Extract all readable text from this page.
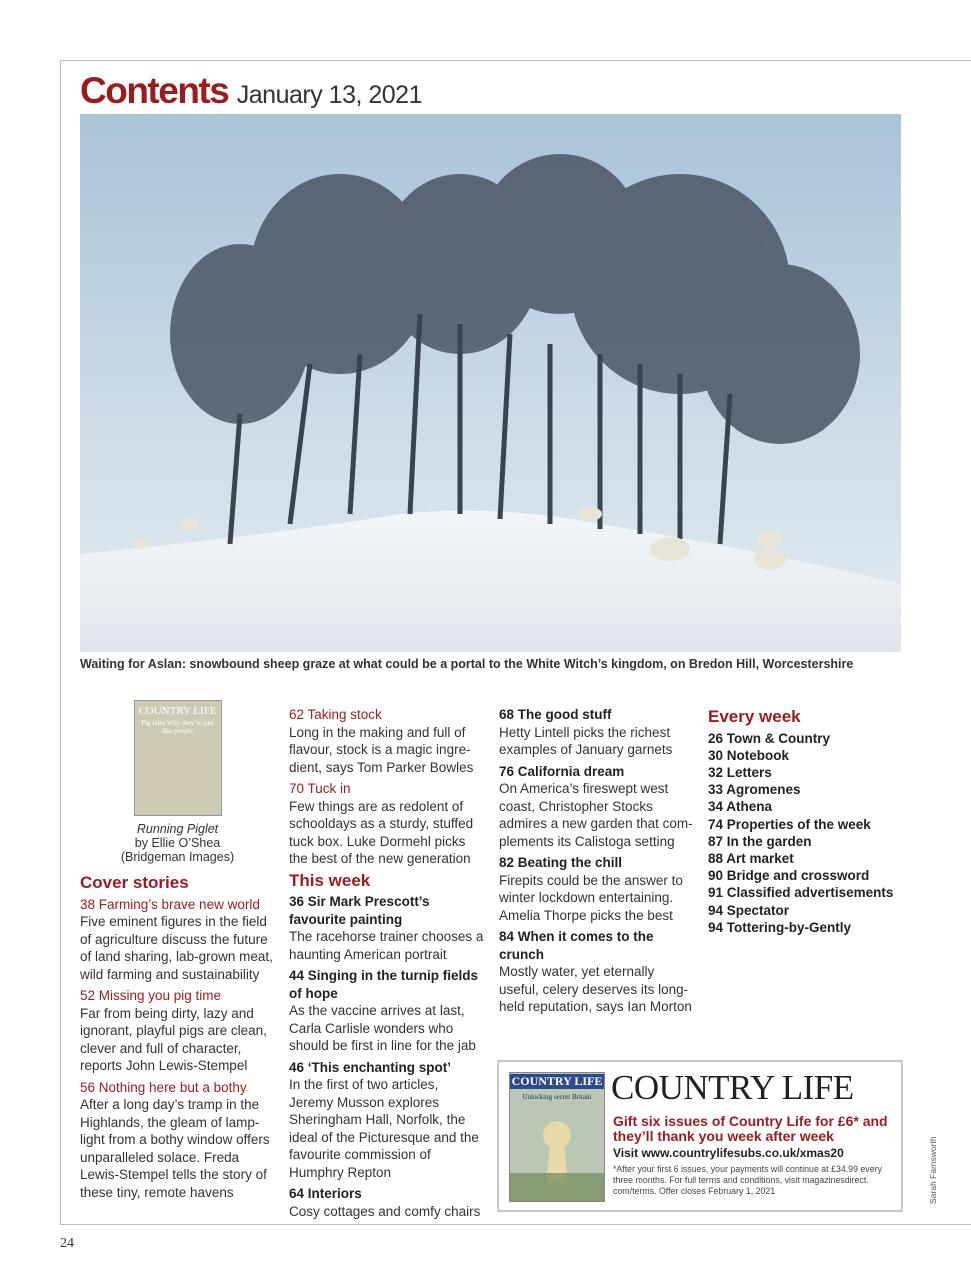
Contents January 13, 2021
Waiting for Aslan: snowbound sheep graze at what could be a portal to the White Witch’s kingdom, on Bredon Hill, Worcestershire
COUNTRY LIFE
Pig tales Why they’re just like people
Running Piglet
by Ellie O’Shea
(Bridgeman Images)
Cover stories
38 Farming’s brave new world
Five eminent figures in the field of agriculture discuss the future of land sharing, lab-grown meat, wild farming and sustainability
52 Missing you pig time
Far from being dirty, lazy and ignorant, playful pigs are clean, clever and full of character, reports John Lewis-Stempel
56 Nothing here but a bothy
After a long day’s tramp in the Highlands, the gleam of lamp-light from a bothy window offers unparalleled solace. Freda Lewis-Stempel tells the story of these tiny, remote havens
62 Taking stock
Long in the making and full of flavour, stock is a magic ingre-dient, says Tom Parker Bowles
70 Tuck in
Few things are as redolent of schooldays as a sturdy, stuffed tuck box. Luke Dormehl picks the best of the new generation
This week
36 Sir Mark Prescott’s favourite painting
The racehorse trainer chooses a haunting American portrait
44 Singing in the turnip fields of hope
As the vaccine arrives at last, Carla Carlisle wonders who should be first in line for the jab
46 ‘This enchanting spot’
In the first of two articles, Jeremy Musson explores Sheringham Hall, Norfolk, the ideal of the Picturesque and the favourite commission of Humphry Repton
64 Interiors
Cosy cottages and comfy chairs
68 The good stuff
Hetty Lintell picks the richest examples of January garnets
76 California dream
On America’s fireswept west coast, Christopher Stocks admires a new garden that com-plements its Calistoga setting
82 Beating the chill
Firepits could be the answer to winter lockdown entertaining. Amelia Thorpe picks the best
84 When it comes to the crunch
Mostly water, yet eternally useful, celery deserves its long-held reputation, says Ian Morton
Every week
26 Town & Country
30 Notebook
32 Letters
33 Agromenes
34 Athena
74 Properties of the week
87 In the garden
88 Art market
90 Bridge and crossword
91 Classified advertisements
94 Spectator
94 Tottering-by-Gently
COUNTRY LIFE
Unlocking secret Britain COUNTRY LIFE
Gift six issues of Country Life for £6* and they’ll thank you week after week
Visit www.countrylifesubs.co.uk/xmas20
*After your first 6 issues, your payments will continue at £34.99 every three months. For full terms and conditions, visit magazinesdirect. com/terms. Offer closes February 1, 2021	Sarah Farnsworth
24
